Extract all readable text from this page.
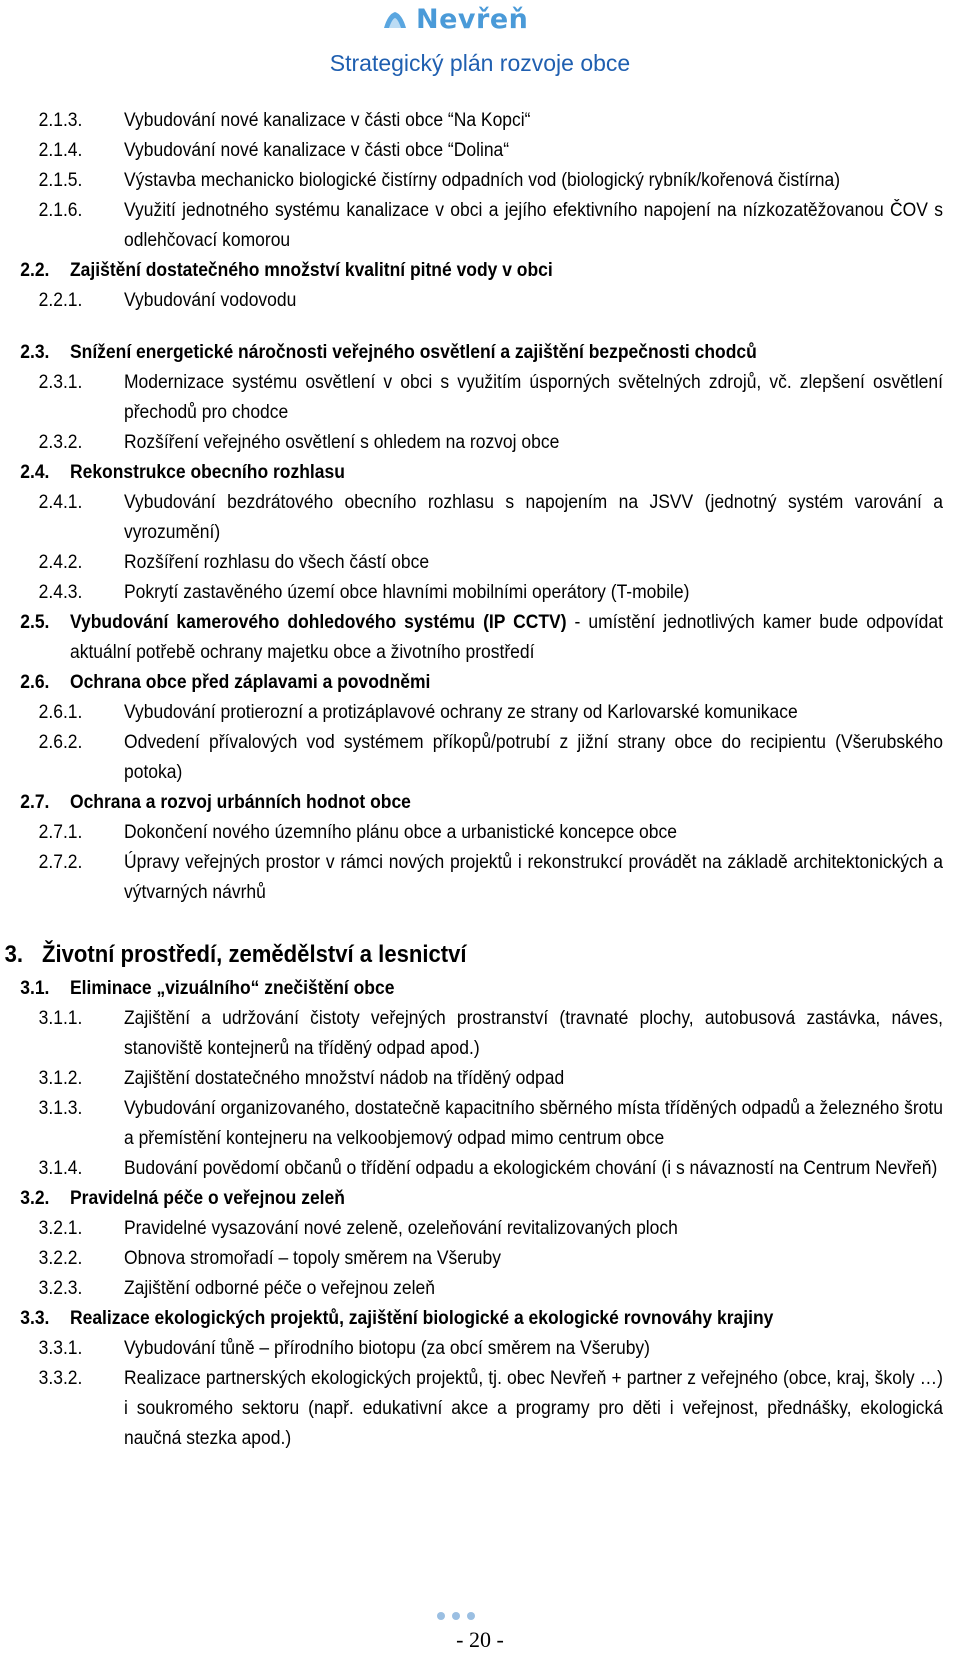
Nevřeň
Strategický plán rozvoje obce
2.1.3.	Vybudování nové kanalizace v části obce “Na Kopci“
2.1.4.	Vybudování nové kanalizace v části obce “Dolina“
2.1.5.	Výstavba mechanicko biologické čistírny odpadních vod (biologický rybník/kořenová čistírna)
2.1.6.	Využití jednotného systému kanalizace v obci a jejího efektivního napojení na nízkozatěžovanou ČOV s odlehčovací komorou
2.2.	Zajištění dostatečného množství kvalitní pitné vody v obci
2.2.1.	Vybudování vodovodu
2.3.	Snížení energetické náročnosti veřejného osvětlení a zajištění bezpečnosti chodců
2.3.1.	Modernizace systému osvětlení v obci s využitím úsporných světelných zdrojů, vč. zlepšení osvětlení přechodů pro chodce
2.3.2.	Rozšíření veřejného osvětlení s ohledem na rozvoj obce
2.4.	Rekonstrukce obecního rozhlasu
2.4.1.	Vybudování bezdrátového obecního rozhlasu s napojením na JSVV (jednotný systém varování a vyrozumění)
2.4.2.	Rozšíření rozhlasu do všech částí obce
2.4.3.	Pokrytí zastavěného území obce hlavními mobilními operátory (T-mobile)
2.5.	Vybudování kamerového dohledového systému (IP CCTV) - umístění jednotlivých kamer bude odpovídat aktuální potřebě ochrany majetku obce a životního prostředí
2.6.	Ochrana obce před záplavami a povodněmi
2.6.1.	Vybudování protierozní a protizáplavové ochrany ze strany od Karlovarské komunikace
2.6.2.	Odvedení přívalových vod systémem příkopů/potrubí z jižní strany obce do recipientu (Všerubského potoka)
2.7.	Ochrana a rozvoj urbánních hodnot obce
2.7.1.	Dokončení nového územního plánu obce a urbanistické koncepce obce
2.7.2.	Úpravy veřejných prostor v rámci nových projektů i rekonstrukcí provádět na základě architektonických a výtvarných návrhů
3. Životní prostředí, zemědělství a lesnictví
3.1.	Eliminace „vizuálního“ znečištění obce
3.1.1.	Zajištění a udržování čistoty veřejných prostranství (travnaté plochy, autobusová zastávka, náves, stanoviště kontejnerů na tříděný odpad apod.)
3.1.2.	Zajištění dostatečného množství nádob na tříděný odpad
3.1.3.	Vybudování organizovaného, dostatečně kapacitního sběrného místa tříděných odpadů a železného šrotu a přemístění kontejneru na velkoobjemový odpad mimo centrum obce
3.1.4.	Budování povědomí občanů o třídění odpadu a ekologickém chování (i s návazností na Centrum Nevřeň)
3.2.	Pravidelná péče o veřejnou zeleň
3.2.1.	Pravidelné vysazování nové zeleně, ozeleňování revitalizovaných ploch
3.2.2.	Obnova stromořadí – topoly směrem na Všeruby
3.2.3.	Zajištění odborné péče o veřejnou zeleň
3.3.	Realizace ekologických projektů, zajištění biologické a ekologické rovnováhy krajiny
3.3.1.	Vybudování tůně – přírodního biotopu (za obcí směrem na Všeruby)
3.3.2.	Realizace partnerských ekologických projektů, tj. obec Nevřeň + partner z veřejného (obce, kraj, školy …) i soukromého sektoru (např. edukativní akce a programy pro děti i veřejnost, přednášky, ekologická naučná stezka apod.)
- 20 -
